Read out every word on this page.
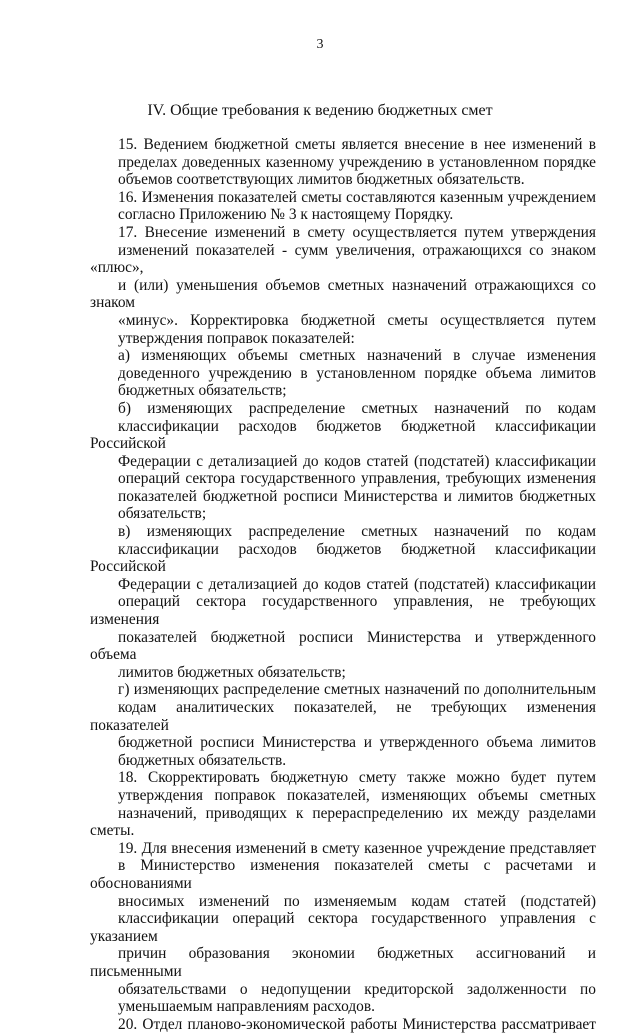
3
IV. Общие требования к ведению бюджетных смет
15. Ведением бюджетной сметы является внесение в нее изменений в
пределах доведенных казенному учреждению в установленном порядке
объемов соответствующих лимитов бюджетных обязательств.
16. Изменения показателей сметы составляются казенным учреждением
согласно Приложению № 3 к настоящему Порядку.
17. Внесение изменений в смету осуществляется путем утверждения
изменений показателей - сумм увеличения, отражающихся со знаком «плюс»,
и (или) уменьшения объемов сметных назначений отражающихся со знаком
«минус». Корректировка бюджетной сметы осуществляется путем
утверждения поправок показателей:
а) изменяющих объемы сметных назначений в случае изменения
доведенного учреждению в установленном порядке объема лимитов
бюджетных обязательств;
б) изменяющих распределение сметных назначений по кодам
классификации расходов бюджетов бюджетной классификации Российской
Федерации с детализацией до кодов статей (подстатей) классификации
операций сектора государственного управления, требующих изменения
показателей бюджетной росписи Министерства и лимитов бюджетных
обязательств;
в) изменяющих распределение сметных назначений по кодам
классификации расходов бюджетов бюджетной классификации Российской
Федерации с детализацией до кодов статей (подстатей) классификации
операций сектора государственного управления, не требующих изменения
показателей бюджетной росписи Министерства и утвержденного объема
лимитов бюджетных обязательств;
г) изменяющих распределение сметных назначений по дополнительным
кодам аналитических показателей, не требующих изменения показателей
бюджетной росписи Министерства и утвержденного объема лимитов
бюджетных обязательств.
18. Скорректировать бюджетную смету также можно будет путем
утверждения поправок показателей, изменяющих объемы сметных
назначений, приводящих к перераспределению их между разделами сметы.
19. Для внесения изменений в смету казенное учреждение представляет
в Министерство изменения показателей сметы с расчетами и обоснованиями
вносимых изменений по изменяемым кодам статей (подстатей)
классификации операций сектора государственного управления с указанием
причин образования экономии бюджетных ассигнований и письменными
обязательствами о недопущении кредиторской задолженности по
уменьшаемым направлениям расходов.
20. Отдел планово-экономической работы Министерства рассматривает
